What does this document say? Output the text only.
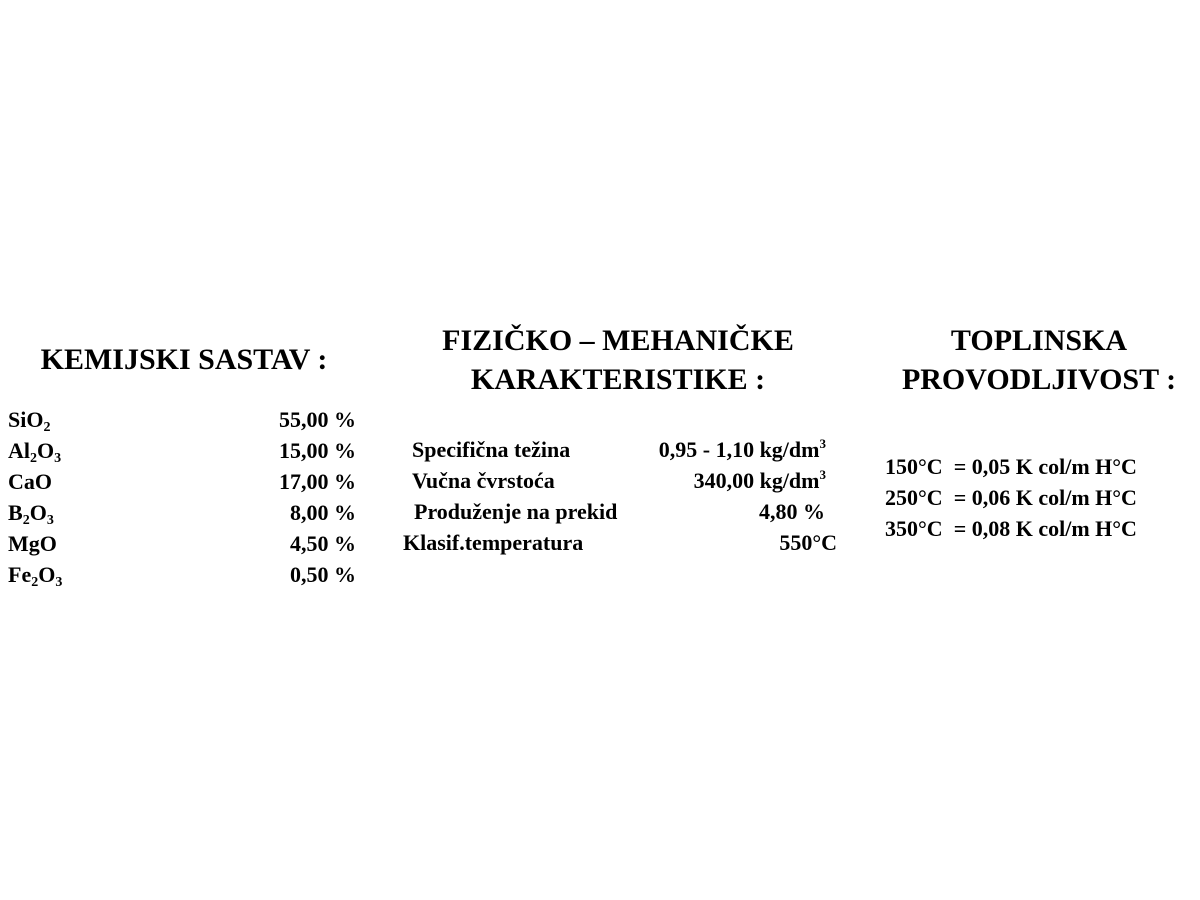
KEMIJSKI SASTAV :
SiO$_2$	55,00 %
$Al_2O_3$	15,00 %
CaO	17,00 %
$B_2O_3$	8,00 %
MgO	4,50 %
$Fe_2O_3$	0,50 %
FIZIČKO – MEHANIČKE
KARAKTERISTIKE :
Specifična težina	0,95 - 1,10 $kg/dm^3$
Vučna čvrstoća	340,00 $kg/dm^3$
Produženje na prekid	4,80 %
Klasif.temperatura	550°C
TOPLINSKA
PROVODLJIVOST :
150°C = 0,05 K col/m H°C
250°C = 0,06 K col/m H°C
350°C = 0,08 K col/m H°C
